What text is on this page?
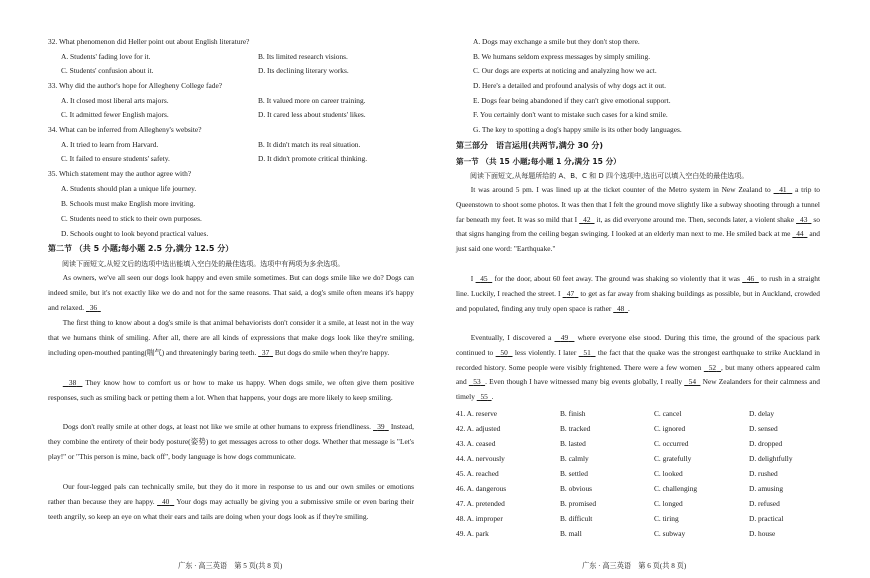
32. What phenomenon did Heller point out about English literature?
A. Students' fading love for it.	B. Its limited research visions.
C. Students' confusion about it.	D. Its declining literary works.
33. Why did the author's hope for Allegheny College fade?
A. It closed most liberal arts majors.	B. It valued more on career training.
C. It admitted fewer English majors.	D. It cared less about students' likes.
34. What can be inferred from Allegheny's website?
A. It tried to learn from Harvard.	B. It didn't match its real situation.
C. It failed to ensure students' safety.	D. It didn't promote critical thinking.
35. Which statement may the author agree with?
A. Students should plan a unique life journey.
B. Schools must make English more inviting.
C. Students need to stick to their own purposes.
D. Schools ought to look beyond practical values.
第二节 （共 5 小题;每小题 2.5 分,满分 12.5 分）
阅读下面短文,从短文后的选项中选出能填入空白处的最佳选项。选项中有两项为多余选项。
As owners, we've all seen our dogs look happy and even smile sometimes. But can dogs smile like we do? Dogs can indeed smile, but it's not exactly like we do and not for the same reasons. That said, a dog's smile often means it's happy and relaxed. 36
The first thing to know about a dog's smile is that animal behaviorists don't consider it a smile, at least not in the way that we humans think of smiling. After all, there are all kinds of expressions that make dogs look like they're smiling, including open-mouthed panting(喘气) and threateningly baring teeth. 37 But dogs do smile when they're happy.
38 They know how to comfort us or how to make us happy. When dogs smile, we often give them positive responses, such as smiling back or petting them a lot. When that happens, your dogs are more likely to keep smiling.
Dogs don't really smile at other dogs, at least not like we smile at other humans to express friendliness. 39 Instead, they combine the entirety of their body posture(姿势) to get messages across to other dogs. Whether that message is "Let's play!" or "This person is mine, back off", body language is how dogs communicate.
Our four-legged pals can technically smile, but they do it more in response to us and our own smiles or emotions rather than because they are happy. 40 Your dogs may actually be giving you a submissive smile or even baring their teeth angrily, so keep an eye on what their ears and tails are doing when your dogs look as if they're smiling.
广东 · 高三英语　第 5 页(共 8 页)
A. Dogs may exchange a smile but they don't stop there.
B. We humans seldom express messages by simply smiling.
C. Our dogs are experts at noticing and analyzing how we act.
D. Here's a detailed and profound analysis of why dogs act it out.
E. Dogs fear being abandoned if they can't give emotional support.
F. You certainly don't want to mistake such cases for a kind smile.
G. The key to spotting a dog's happy smile is its other body languages.
第三部分　语言运用(共两节,满分 30 分)
第一节 （共 15 小题;每小题 1 分,满分 15 分）
阅读下面短文,从每题所给的 A、B、C 和 D 四个选项中,选出可以填入空白处的最佳选项。
It was around 5 pm. I was lined up at the ticket counter of the Metro system in New Zealand to 41 a trip to Queenstown to shoot some photos. It was then that I felt the ground move slightly like a subway shooting through a tunnel far beneath my feet. It was so mild that I 42 it, as did everyone around me. Then, seconds later, a violent shake 43 so that signs hanging from the ceiling began swinging. I looked at an elderly man next to me. He smiled back at me 44 and just said one word: "Earthquake."
I 45 for the door, about 60 feet away. The ground was shaking so violently that it was 46 to rush in a straight line. Luckily, I reached the street. I 47 to get as far away from shaking buildings as possible, but in Auckland, crowded and populated, finding any truly open space is rather 48 .
Eventually, I discovered a 49 where everyone else stood. During this time, the ground of the spacious park continued to 50 less violently. I later 51 the fact that the quake was the strongest earthquake to strike Auckland in recorded history. Some people were visibly frightened. There were a few women 52 , but many others appeared calm and 53 . Even though I have witnessed many big events globally, I really 54 New Zealanders for their calmness and timely 55 .
41. A. reserve	B. finish	C. cancel	D. delay
42. A. adjusted	B. tracked	C. ignored	D. sensed
43. A. ceased	B. lasted	C. occurred	D. dropped
44. A. nervously	B. calmly	C. gratefully	D. delightfully
45. A. reached	B. settled	C. looked	D. rushed
46. A. dangerous	B. obvious	C. challenging	D. amusing
47. A. pretended	B. promised	C. longed	D. refused
48. A. improper	B. difficult	C. tiring	D. practical
49. A. park	B. mall	C. subway	D. house
广东 · 高三英语　第 6 页(共 8 页)
